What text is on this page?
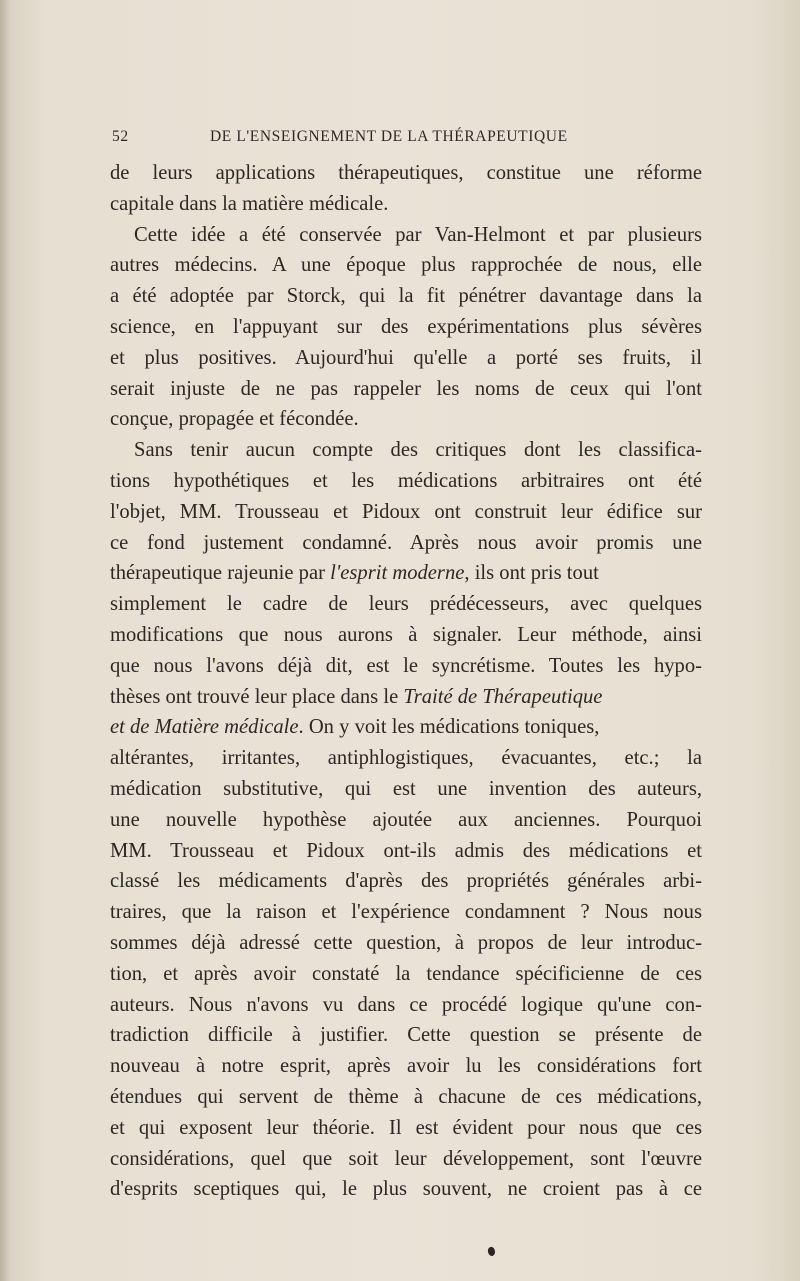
52	DE L'ENSEIGNEMENT DE LA THÉRAPEUTIQUE
de leurs applications thérapeutiques, constitue une réforme
capitale dans la matière médicale.
Cette idée a été conservée par Van-Helmont et par plusieurs
autres médecins. A une époque plus rapprochée de nous, elle
a été adoptée par Storck, qui la fit pénétrer davantage dans la
science, en l'appuyant sur des expérimentations plus sévères
et plus positives. Aujourd'hui qu'elle a porté ses fruits, il
serait injuste de ne pas rappeler les noms de ceux qui l'ont
conçue, propagée et fécondée.
Sans tenir aucun compte des critiques dont les classifica-
tions hypothétiques et les médications arbitraires ont été
l'objet, MM. Trousseau et Pidoux ont construit leur édifice sur
ce fond justement condamné. Après nous avoir promis une
thérapeutique rajeunie par l'esprit moderne, ils ont pris tout
simplement le cadre de leurs prédécesseurs, avec quelques
modifications que nous aurons à signaler. Leur méthode, ainsi
que nous l'avons déjà dit, est le syncrétisme. Toutes les hypo-
thèses ont trouvé leur place dans le Traité de Thérapeutique
et de Matière médicale. On y voit les médications toniques,
altérantes, irritantes, antiphlogistiques, évacuantes, etc.; la
médication substitutive, qui est une invention des auteurs,
une nouvelle hypothèse ajoutée aux anciennes. Pourquoi
MM. Trousseau et Pidoux ont-ils admis des médications et
classé les médicaments d'après des propriétés générales arbi-
traires, que la raison et l'expérience condamnent ? Nous nous
sommes déjà adressé cette question, à propos de leur introduc-
tion, et après avoir constaté la tendance spécificienne de ces
auteurs. Nous n'avons vu dans ce procédé logique qu'une con-
tradiction difficile à justifier. Cette question se présente de
nouveau à notre esprit, après avoir lu les considérations fort
étendues qui servent de thème à chacune de ces médications,
et qui exposent leur théorie. Il est évident pour nous que ces
considérations, quel que soit leur développement, sont l'œuvre
d'esprits sceptiques qui, le plus souvent, ne croient pas à ce
